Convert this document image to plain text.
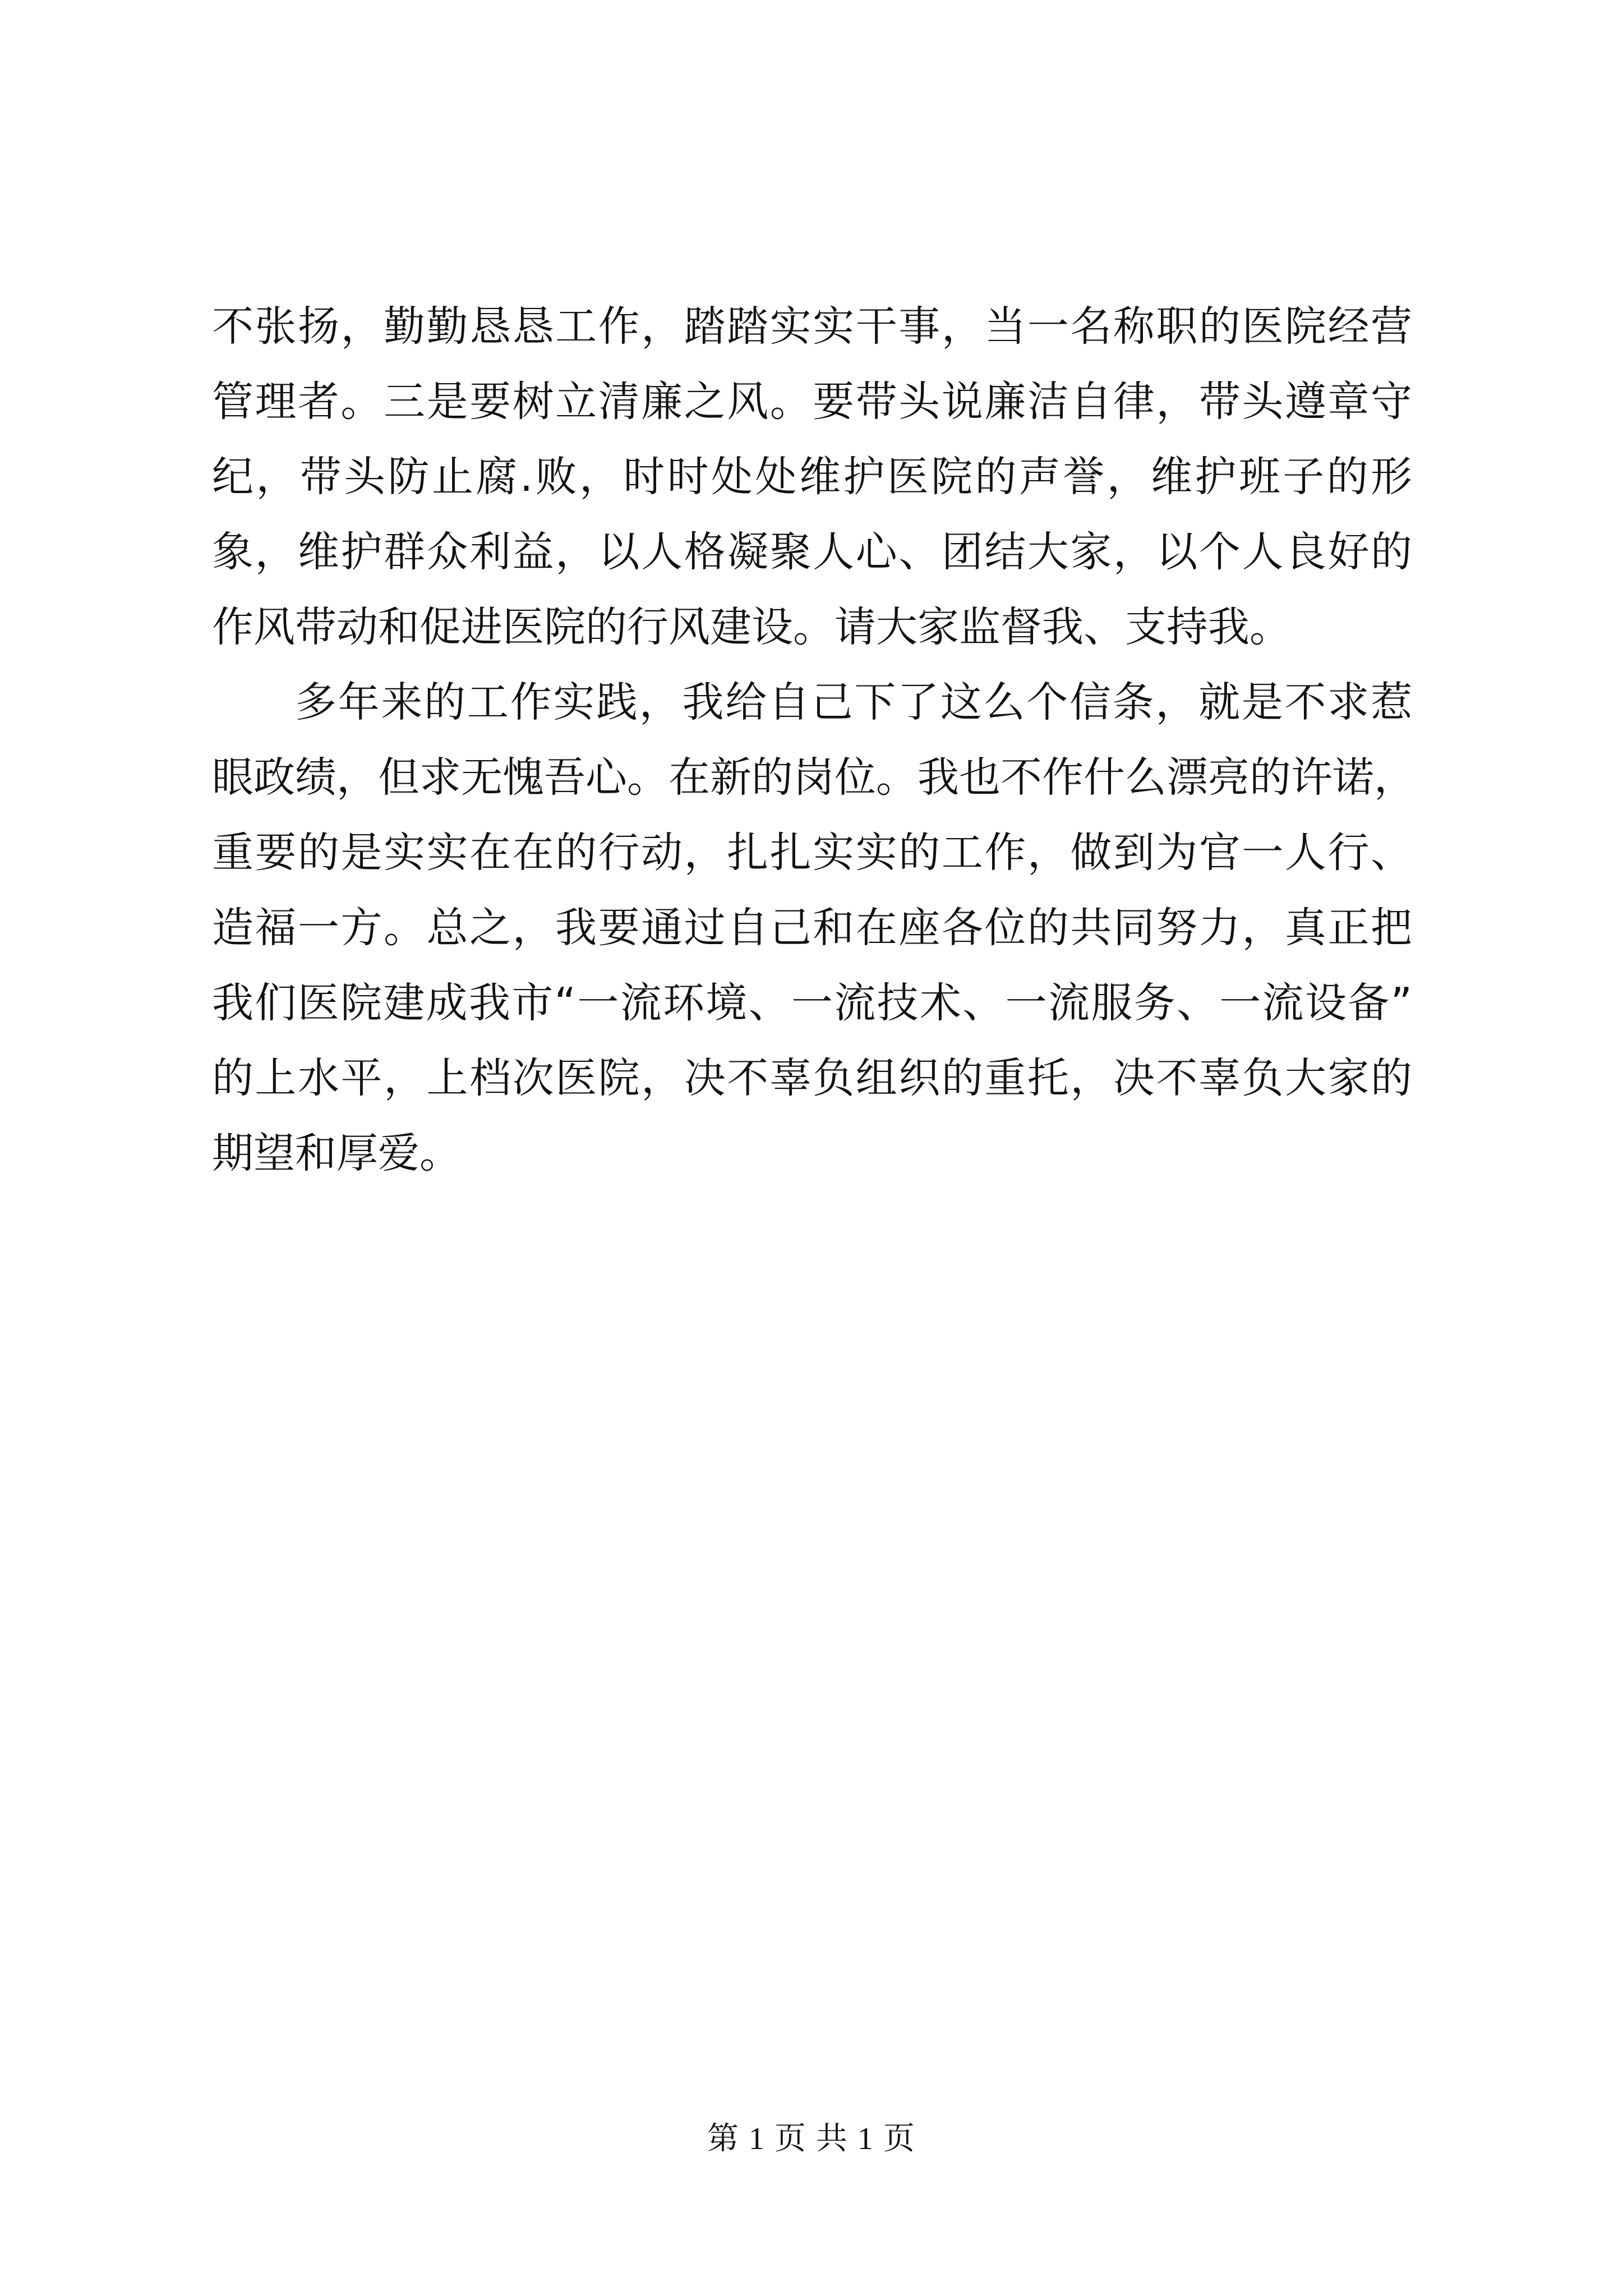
不张扬，勤勤恳恳工作，踏踏实实干事，当一名称职的医院经营
管理者。三是要树立清廉之风。要带头说廉洁自律，带头遵章守
纪，带头防止腐.败，时时处处维护医院的声誉，维护班子的形
象，维护群众利益，以人格凝聚人心、团结大家，以个人良好的
作风带动和促进医院的行风建设。请大家监督我、支持我。
多年来的工作实践，我给自己下了这么个信条，就是不求惹
眼政绩，但求无愧吾心。在新的岗位。我也不作什么漂亮的许诺，
重要的是实实在在的行动，扎扎实实的工作，做到为官一人行、
造福一方。总之，我要通过自己和在座各位的共同努力，真正把
我们医院建成我市“一流环境、一流技术、一流服务、一流设备”
的上水平，上档次医院，决不辜负组织的重托，决不辜负大家的
期望和厚爱。
第 1 页 共 1 页
